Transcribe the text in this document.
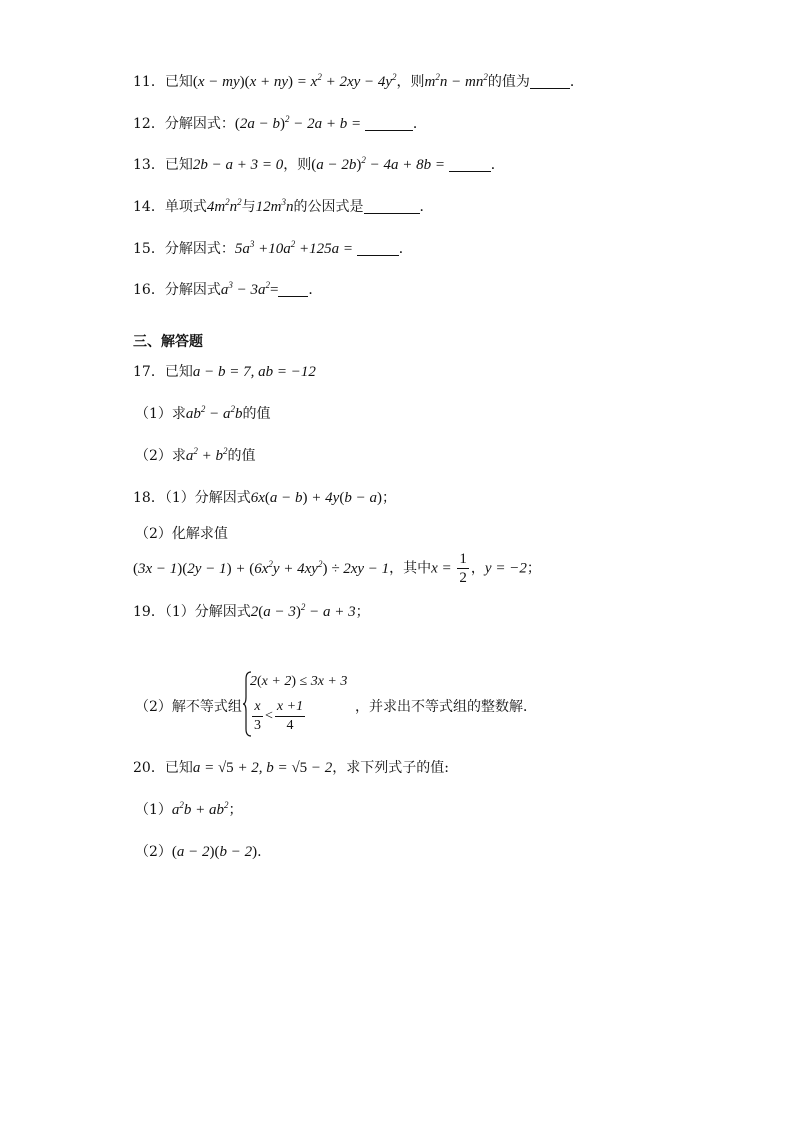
11．已知$(x - my)(x + ny) = x^2 + 2xy - 4y^2$，则$m^2n - mn^2$的值为	．
12．分解因式：$(2a - b)^2 - 2a + b$ =	．
13．已知2b − a + 3 = 0，则$(a - 2b)^2 - 4a + 8b$ =	．
14．单项式$4m^2n^2$与$12m^3n$的公因式是	．
15．分解因式：$5a^3 +10a^2 +125a$ =	．
16．分解因式$a^3 - 3a^2=$ ．
三、解答题
17．已知a − b = 7, ab = −12
（1）求$ab^2 - a^2b$的值
（2）求$a^2 + b^2$的值
18．（1）分解因式6x(a − b) + 4y(b − a)；
（2）化解求值
$(3x - 1)(2y - 1) + (6x^2y + 4xy^2) \div 2xy - 1$，其中$x = \frac{1}{2}$ ，y = −2；
19．（1）分解因式$2(a - 3)^2 - a + 3$；
（2）解不等式组
2(x + 2) ≤ 3x + 3
$\frac{x}{3} < \frac{x +1}{4}$	，并求出不等式组的整数解．
20．已知a = √5 + 2, b = √5 − 2，求下列式子的值:
$(1)a^2b + ab^2$；
（2）(a − 2)(b − 2).
